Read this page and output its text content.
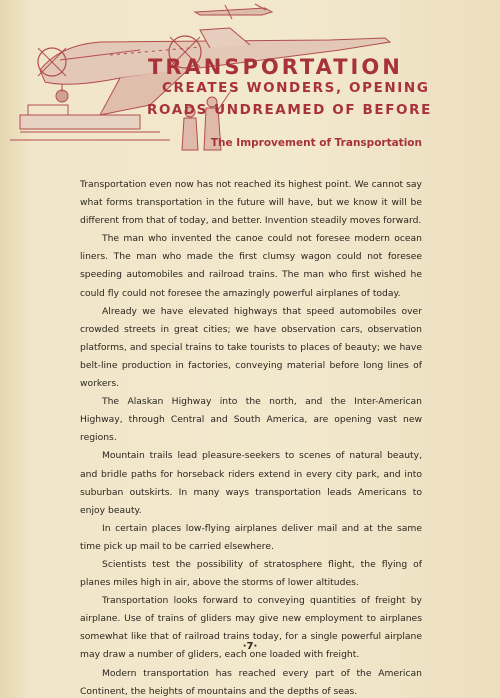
TRANSPORTATION
CREATES WONDERS, OPENING
ROADS UNDREAMED OF BEFORE
The Improvement of Transportation

Transportation even now has not reached its highest point. We cannot say what forms transportation in the future will have, but we know it will be different from that of today, and better. Invention steadily moves forward.

The man who invented the canoe could not foresee modern ocean liners. The man who made the first clumsy wagon could not foresee speeding automobiles and railroad trains. The man who first wished he could fly could not foresee the amazingly powerful airplanes of today.

Already we have elevated highways that speed automobiles over crowded streets in great cities; we have observation cars, observation platforms, and special trains to take tourists to places of beauty; we have belt-line production in factories, conveying material before long lines of workers.

The Alaskan Highway into the north, and the Inter-American Highway, through Central and South America, are opening vast new regions.

Mountain trails lead pleasure-seekers to scenes of natural beauty, and bridle paths for horseback riders extend in every city park, and into suburban outskirts. In many ways transportation leads Americans to enjoy beauty.

In certain places low-flying airplanes deliver mail and at the same time pick up mail to be carried elsewhere.

Scientists test the possibility of stratosphere flight, the flying of planes miles high in air, above the storms of lower altitudes.

Transportation looks forward to conveying quantities of freight by airplane. Use of trains of gliders may give new employment to airplanes somewhat like that of railroad trains today, for a single powerful airplane may draw a number of gliders, each one loaded with freight.

Modern transportation has reached every part of the American Continent, the heights of mountains and the depths of seas.

·7·
